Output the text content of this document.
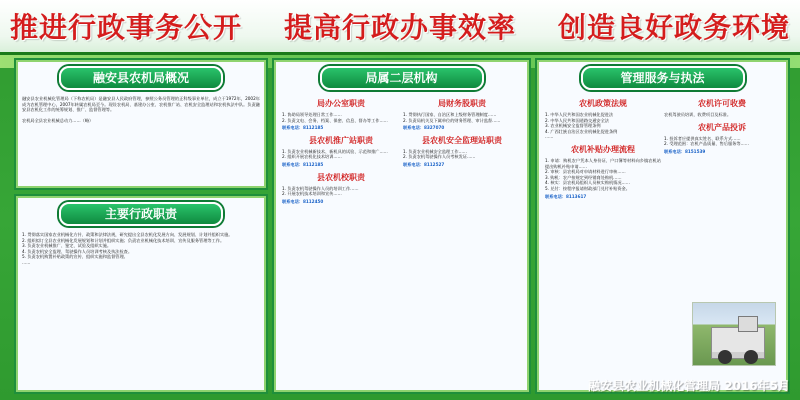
推进行政事务公开 提高行政办事效率 创造良好政务环境
融安县农机局概况
融安县农业机械化管理局（下称农机局）是融安县人民政府管理，参照公务员管理的正科级事业单位，成立于1972年，2002年成为农机管理中心，2007年转属农机局至今。现设农机局、基建办公室、农机推广站、农机安全监理站和农机执法中队。负责融安县农机化工作的统筹规划、推广、监督管理等。

农机局全县农业机械总动力……（略）
主要行政职责
1. 贯彻落实国家农业机械化方针、政策和法律法规，研究提出全县农机化发展方向、发展规划、计划并组织实施。
2. 组织拟订全县农业机械化发展规划和计划并组织实施；负责农业机械化技术培训、宣传及服务管理等工作。
3. 负责农业机械推广、鉴定、试验及组织实施。
4. 负责农机安全监理、驾驶操作人员培训考核及执法检查。
5. 负责农机购置补贴政策的宣传、组织实施和监督管理。
……
局属二层机构
局办公室职责
1. 协助局领导处理日常工作……
2. 负责文电、会务、档案、保密、信息、督办等工作……
联系电话：8112185
县农机推广站职责
1. 负责农业机械新技术、新机具的试验、示范和推广……
2. 组织开展农机化技术培训……
联系电话：8112185
县农机校职责
1. 负责农机驾驶操作人员的培训工作……
2. 开展农机技术培训和宣传……
联系电话：8112450
局财务股职责
1. 贯彻执行国家、自治区和上级财务管理制度……
2. 负责局机关及下属单位的财务管理、审计监督……
联系电话：8327070
县农机安全监理站职责
1. 负责农业机械安全监理工作……
2. 负责农机驾驶操作人员考核发证……
联系电话：8112527
管理服务与执法
农机政策法规
1. 中华人民共和国农业机械化促进法
2. 中华人民共和国道路交通安全法
3. 农业机械安全监督管理条例
4. 广西壮族自治区农业机械化促进条例
……
农机补贴办理流程
1. 申请：购机农户凭本人身份证、户口簿等材料向乡镇农机站提出购机补贴申请……
2. 审核：县农机局对申请材料进行审核……
3. 购机：农户按规定到经销商处购机……
4. 核实：县农机局组织人员核实购机情况……
5. 兑付：按程序报请财政部门兑付补贴资金。
联系电话：8113617
农机许可收费
农机驾驶员培训，收费项目及标准。
农机产品投诉
1. 投诉者应提供真实姓名、联系方式……
2. 受理范围：农机产品质量、售后服务等……
联系电话：8151539
融安县农业机械化管理局 2016年5月
